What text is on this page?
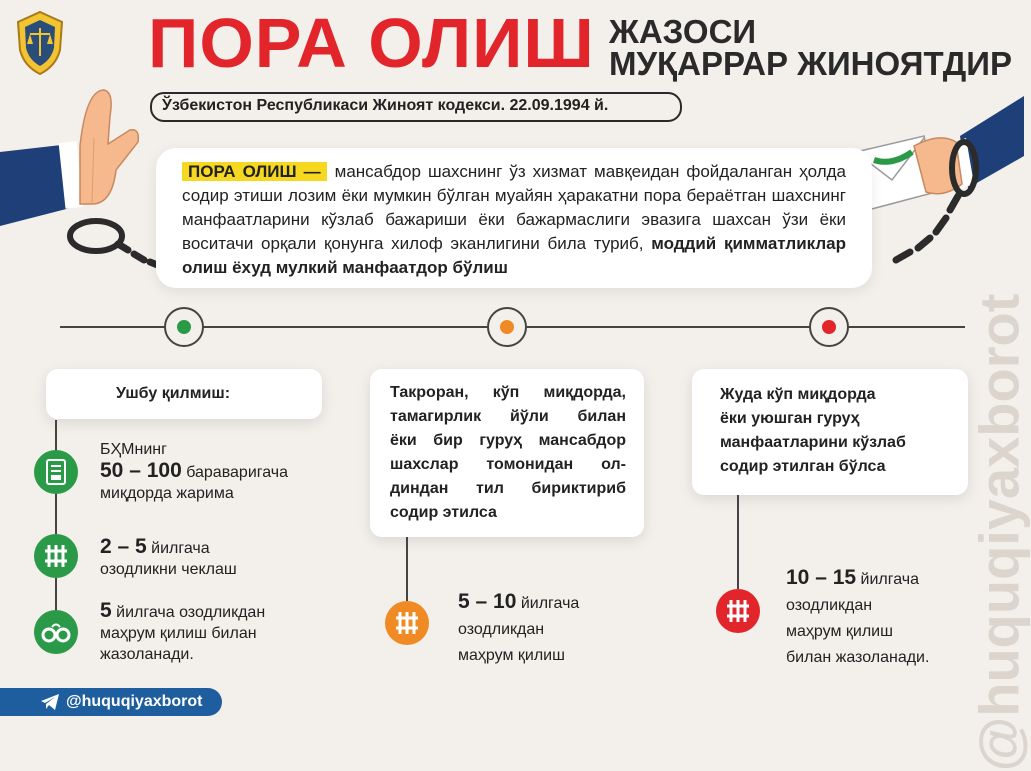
ПОРА ОЛИШ ЖАЗОСИ
МУҚАРРАР ЖИНОЯТДИР
Ўзбекистон Республикаси Жиноят кодекси. 22.09.1994 й.
ПОРА ОЛИШ — мансабдор шахснинг ўз хизмат мавқеидан фойдаланган ҳолда содир этиши лозим ёки мумкин бўлган муайян ҳаракатни пора бераётган шахснинг манфаатларини кўзлаб бажариши ёки бажармаслиги эвазига шахсан ўзи ёки воситачи орқали қонунга хилоф эканлигини била туриб, моддий қимматликлар олиш ёхуд мулкий манфаатдор бўлиш
Ушбу қилмиш:
БҲМнинг
50 – 100 бараваригача
миқдорда жарима
2 – 5 йилгача
озодликни чеклаш
5 йилгача озодликдан
маҳрум қилиш билан
жазоланади.
Такроран, кўп миқдорда,
тамагирлик йўли билан
ёки бир гуруҳ мансабдор
шахслар томонидан ол-
диндан тил бириктириб
содир этилса
5 – 10 йилгача
озодликдан
маҳрум қилиш
Жуда кўп миқдорда
ёки уюшган гуруҳ
манфаатларини кўзлаб
содир этилган бўлса
10 – 15 йилгача
озодликдан
маҳрум қилиш
билан жазоланади. @huquqiyaxborot
@huquqiyaxborot
